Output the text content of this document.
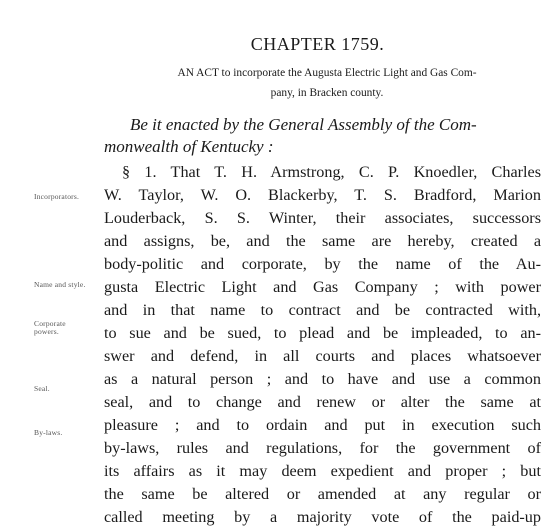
CHAPTER 1759.
AN ACT to incorporate the Augusta Electric Light and Gas Com-
pany, in Bracken county.
Be it enacted by the General Assembly of the Com-
monwealth of Kentucky :
§ 1. That T. H. Armstrong, C. P. Knoedler, Charles
W. Taylor, W. O. Blackerby, T. S. Bradford, Marion
Louderback, S. S. Winter, their associates, successors
and assigns, be, and the same are hereby, created a
body-politic and corporate, by the name of the Au-
gusta Electric Light and Gas Company ; with power
and in that name to contract and be contracted with,
to sue and be sued, to plead and be impleaded, to an-
swer and defend, in all courts and places whatsoever
as a natural person ; and to have and use a common
seal, and to change and renew or alter the same at
pleasure ; and to ordain and put in execution such
by-laws, rules and regulations, for the government of
its affairs as it may deem expedient and proper ; but
the same be altered or amended at any regular or
called meeting by a majority vote of the paid-up
Incorporators.
Name and style.
Corporate
powers.
Seal.
By-laws.
